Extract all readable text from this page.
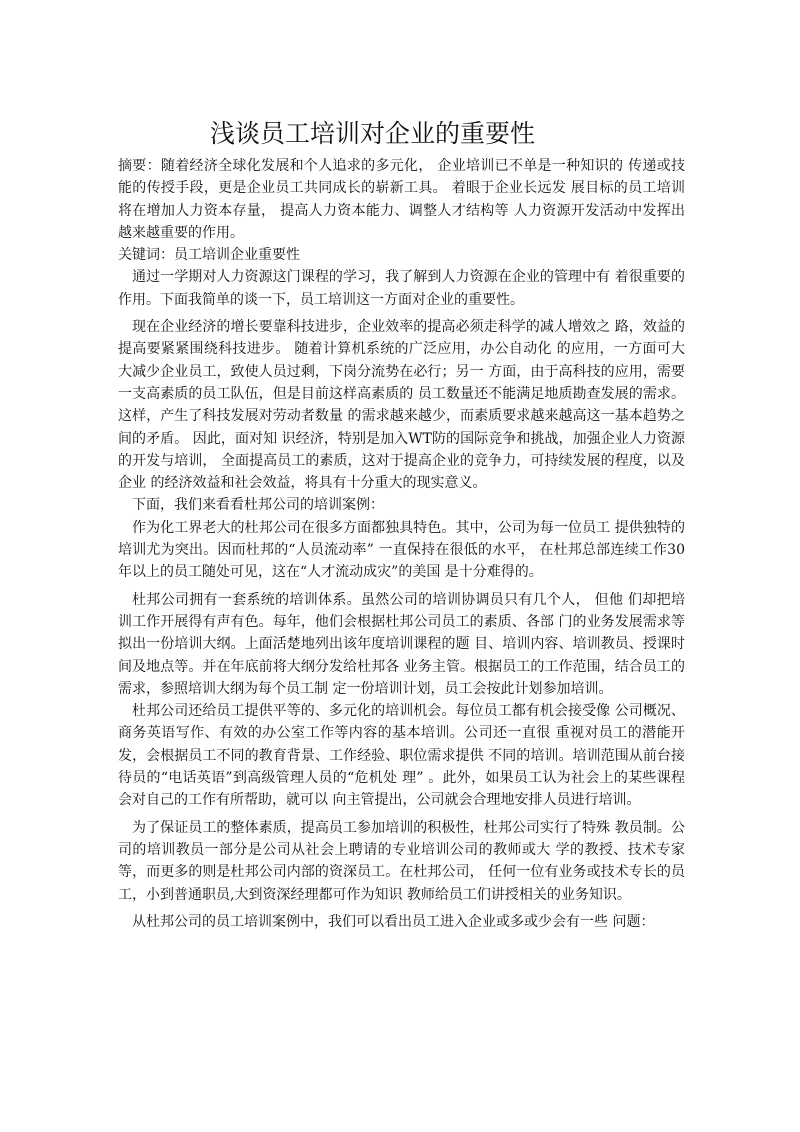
浅谈员工培训对企业的重要性

摘要：随着经济全球化发展和个人追求的多元化， 企业培训已不单是一种知识的 传递或技能的传授手段，更是企业员工共同成长的崭新工具。 着眼于企业长远发 展目标的员工培训将在增加人力资本存量， 提高人力资本能力、调整人才结构等 人力资源开发活动中发挥出越来越重要的作用。

关键词：员工培训企业重要性

通过一学期对人力资源这门课程的学习，我了解到人力资源在企业的管理中有 着很重要的作用。下面我简单的谈一下，员工培训这一方面对企业的重要性。

现在企业经济的增长要靠科技进步，企业效率的提高必须走科学的减人增效之 路，效益的提高要紧紧围绕科技进步。 随着计算机系统的广泛应用，办公自动化 的应用，一方面可大大减少企业员工，致使人员过剩，下岗分流势在必行；另一 方面，由于高科技的应用，需要一支高素质的员工队伍，但是目前这样高素质的 员工数量还不能满足地质勘查发展的需求。 这样，产生了科技发展对劳动者数量 的需求越来越少，而素质要求越来越高这一基本趋势之间的矛盾。 因此，面对知 识经济，特别是加入WT防的国际竞争和挑战，加强企业人力资源的开发与培训， 全面提高员工的素质，这对于提高企业的竞争力，可持续发展的程度，以及企业 的经济效益和社会效益，将具有十分重大的现实意义。

下面，我们来看看杜邦公司的培训案例：

作为化工界老大的杜邦公司在很多方面都独具特色。其中，公司为每一位员工 提供独特的培训尤为突出。因而杜邦的“人员流动率” 一直保持在很低的水平， 在杜邦总部连续工作30年以上的员工随处可见，这在“人才流动成灾”的美国 是十分难得的。

杜邦公司拥有一套系统的培训体系。虽然公司的培训协调员只有几个人， 但他 们却把培训工作开展得有声有色。每年，他们会根据杜邦公司员工的素质、各部 门的业务发展需求等拟出一份培训大纲。上面活楚地列出该年度培训课程的题 目、培训内容、培训教员、授课时间及地点等。并在年底前将大纲分发给杜邦各 业务主管。根据员工的工作范围，结合员工的需求，参照培训大纲为每个员工制 定一份培训计划，员工会按此计划参加培训。

杜邦公司还给员工提供平等的、多元化的培训机会。每位员工都有机会接受像 公司概况、商务英语写作、有效的办公室工作等内容的基本培训。公司还一直很 重视对员工的潜能开发，会根据员工不同的教育背景、工作经验、职位需求提供 不同的培训。培训范围从前台接待员的“电话英语”到高级管理人员的“危机处 理” 。此外，如果员工认为社会上的某些课程会对自己的工作有所帮助，就可以 向主管提出，公司就会合理地安排人员进行培训。

为了保证员工的整体素质，提高员工参加培训的积极性，杜邦公司实行了特殊 教员制。公司的培训教员一部分是公司从社会上聘请的专业培训公司的教师或大 学的教授、技术专家等，而更多的则是杜邦公司内部的资深员工。在杜邦公司， 任何一位有业务或技术专长的员工，小到普通职员,大到资深经理都可作为知识 教师给员工们讲授相关的业务知识。

从杜邦公司的员工培训案例中，我们可以看出员工进入企业或多或少会有一些 问题：
